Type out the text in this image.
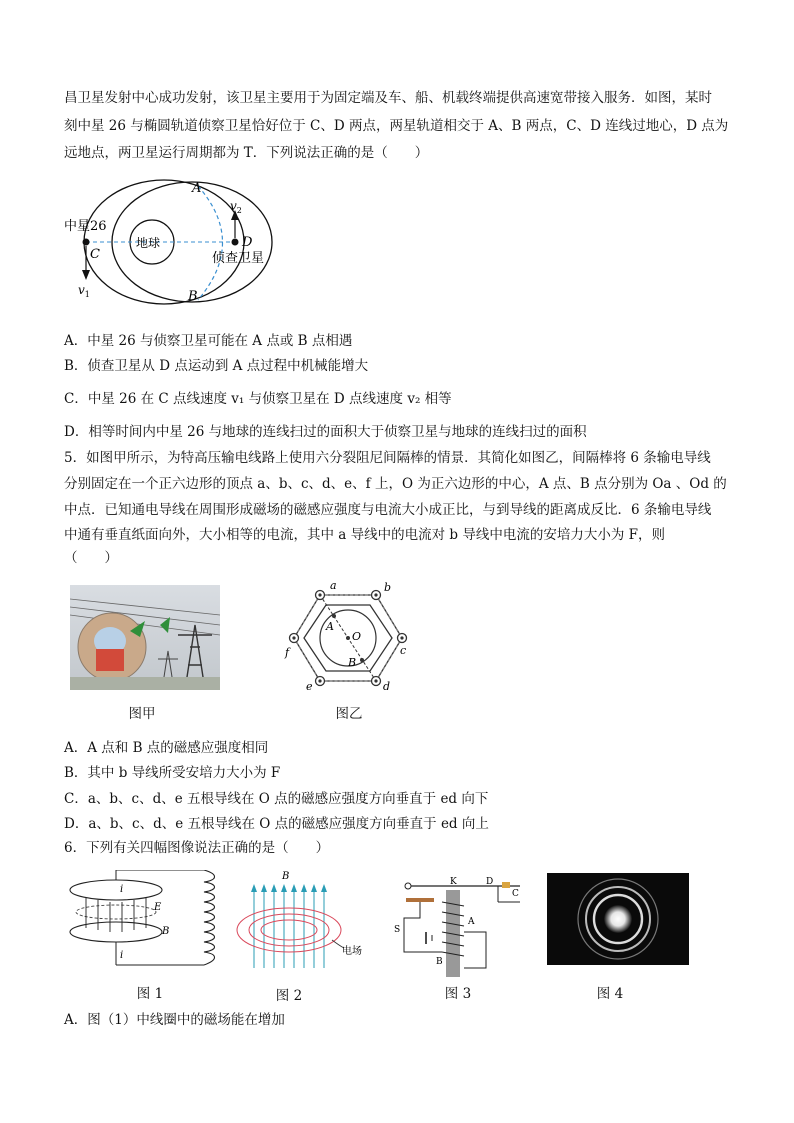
昌卫星发射中心成功发射，该卫星主要用于为固定端及车、船、机载终端提供高速宽带接入服务．如图，某时
刻中星 26 与椭圆轨道侦察卫星恰好位于 C、D 两点，两星轨道相交于 A、B 两点，C、D 连线过地心，D 点为
远地点，两卫星运行周期都为 T．下列说法正确的是（　　）
中星26
地球
侦查卫星
A
B
C
D
$v_1$
$v_2$
A．中星 26 与侦察卫星可能在 A 点或 B 点相遇
B．侦查卫星从 D 点运动到 A 点过程中机械能增大
C．中星 26 在 C 点线速度 v₁ 与侦察卫星在 D 点线速度 v₂ 相等
D．相等时间内中星 26 与地球的连线扫过的面积大于侦察卫星与地球的连线扫过的面积
5．如图甲所示，为特高压输电线路上使用六分裂阻尼间隔棒的情景．其简化如图乙，间隔棒将 6 条输电导线
分别固定在一个正六边形的顶点 a、b、c、d、e、f 上，O 为正六边形的中心，A 点、B 点分别为 Oa 、Od 的
中点．已知通电导线在周围形成磁场的磁感应强度与电流大小成正比，与到导线的距离成反比．6 条输电导线
中通有垂直纸面向外，大小相等的电流，其中 a 导线中的电流对 b 导线中电流的安培力大小为 F，则
（　　）
图甲
a	b
c
d
e
f
A
O
B
图乙
A．A 点和 B 点的磁感应强度相同
B．其中 b 导线所受安培力大小为 F
C．a、b、c、d、e 五根导线在 O 点的磁感应强度方向垂直于 ed 向下
D．a、b、c、d、e 五根导线在 O 点的磁感应强度方向垂直于 ed 向上
6．下列有关四幅图像说法正确的是（　　）
i
i
E
B
图 1
B
电场
图 2
K	D
C
S
A
B
图 3	图 4
A．图（1）中线圈中的磁场能在增加
